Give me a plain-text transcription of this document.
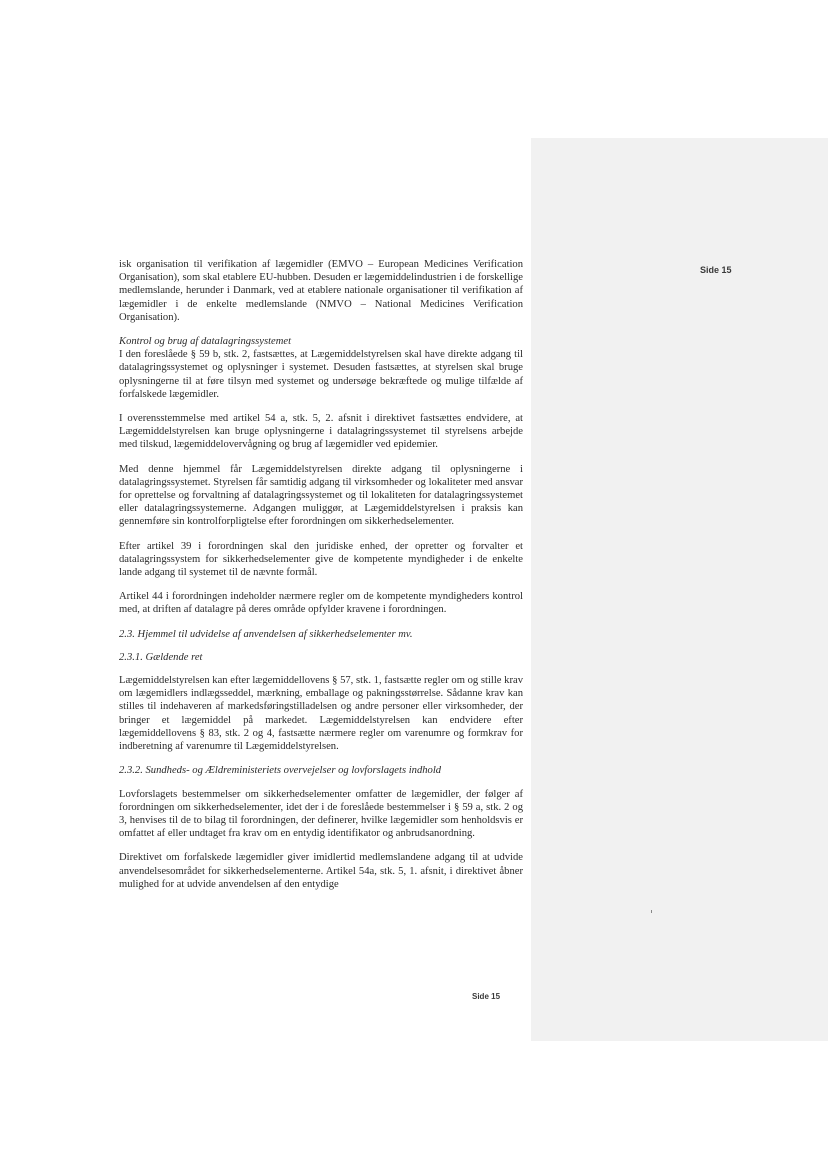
Side 15

isk organisation til verifikation af lægemidler (EMVO – European Medicines Verification Organisation), som skal etablere EU-hubben. Desuden er lægemiddelindustrien i de forskellige medlemslande, herunder i Danmark, ved at etablere nationale organisationer til verifikation af lægemidler i de enkelte medlemslande (NMVO – National Medicines Verification Organisation).

Kontrol og brug af datalagringssystemet

I den foreslåede § 59 b, stk. 2, fastsættes, at Lægemiddelstyrelsen skal have direkte adgang til datalagringssystemet og oplysninger i systemet. Desuden fastsættes, at styrelsen skal bruge oplysningerne til at føre tilsyn med systemet og undersøge bekræftede og mulige tilfælde af forfalskede lægemidler.

I overensstemmelse med artikel 54 a, stk. 5, 2. afsnit i direktivet fastsættes endvidere, at Lægemiddelstyrelsen kan bruge oplysningerne i datalagringssystemet til styrelsens arbejde med tilskud, lægemiddelovervågning og brug af lægemidler ved epidemier.

Med denne hjemmel får Lægemiddelstyrelsen direkte adgang til oplysningerne i datalagringssystemet. Styrelsen får samtidig adgang til virksomheder og lokaliteter med ansvar for oprettelse og forvaltning af datalagringssystemet og til lokaliteten for datalagringssystemet eller datalagringssystemerne. Adgangen muliggør, at Lægemiddelstyrelsen i praksis kan gennemføre sin kontrolforpligtelse efter forordningen om sikkerhedselementer.

Efter artikel 39 i forordningen skal den juridiske enhed, der opretter og forvalter et datalagringssystem for sikkerhedselementer give de kompetente myndigheder i de enkelte lande adgang til systemet til de nævnte formål.

Artikel 44 i forordningen indeholder nærmere regler om de kompetente myndigheders kontrol med, at driften af datalagre på deres område opfylder kravene i forordningen.

2.3. Hjemmel til udvidelse af anvendelsen af sikkerhedselementer mv.

2.3.1. Gældende ret

Lægemiddelstyrelsen kan efter lægemiddellovens § 57, stk. 1, fastsætte regler om og stille krav om lægemidlers indlægsseddel, mærkning, emballage og pakningsstørrelse. Sådanne krav kan stilles til indehaveren af markedsføringstilladelsen og andre personer eller virksomheder, der bringer et lægemiddel på markedet. Lægemiddelstyrelsen kan endvidere efter lægemiddellovens § 83, stk. 2 og 4, fastsætte nærmere regler om varenumre og formkrav for indberetning af varenumre til Lægemiddelstyrelsen.

2.3.2. Sundheds- og Ældreministeriets overvejelser og lovforslagets indhold

Lovforslagets bestemmelser om sikkerhedselementer omfatter de lægemidler, der følger af forordningen om sikkerhedselementer, idet der i de foreslåede bestemmelser i § 59 a, stk. 2 og 3, henvises til de to bilag til forordningen, der definerer, hvilke lægemidler som henholdsvis er omfattet af eller undtaget fra krav om en entydig identifikator og anbrudsanordning.

Direktivet om forfalskede lægemidler giver imidlertid medlemslandene adgang til at udvide anvendelsesområdet for sikkerhedselementerne. Artikel 54a, stk. 5, 1. afsnit, i direktivet åbner mulighed for at udvide anvendelsen af den entydige

Side 15
